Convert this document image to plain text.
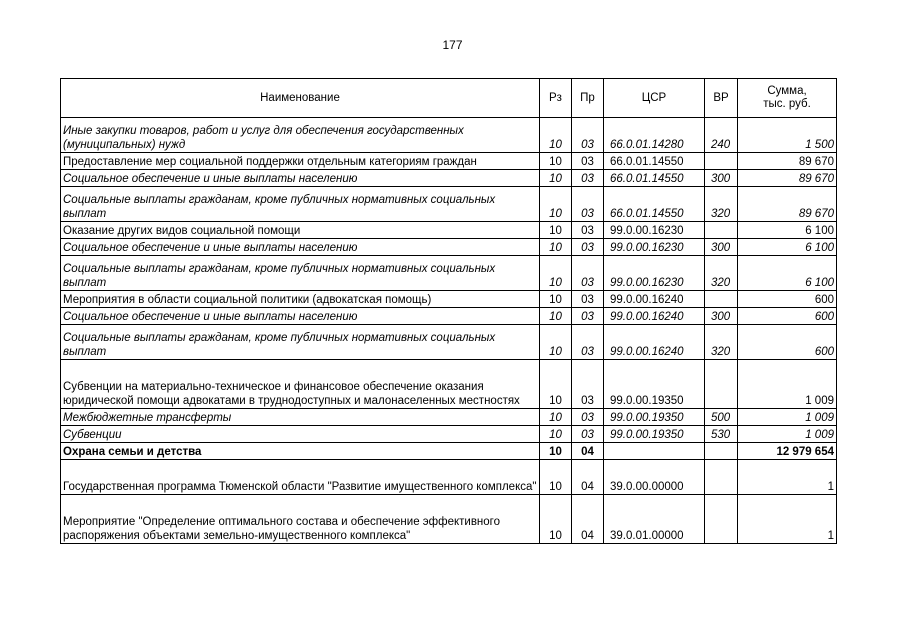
177
Наименование	Рз	Пр	ЦСР	ВР	Сумма,
тыс. руб.
Иные закупки товаров, работ и услуг для обеспечения государственных (муниципальных) нужд	10	03	66.0.01.14280	240	1 500
Предоставление мер социальной поддержки отдельным категориям граждан	10	03	66.0.01.14550		89 670
Социальное обеспечение и иные выплаты населению	10	03	66.0.01.14550	300	89 670
Социальные выплаты гражданам, кроме публичных нормативных социальных выплат	10	03	66.0.01.14550	320	89 670
Оказание других видов социальной помощи	10	03	99.0.00.16230		6 100
Социальное обеспечение и иные выплаты населению	10	03	99.0.00.16230	300	6 100
Социальные выплаты гражданам, кроме публичных нормативных социальных выплат	10	03	99.0.00.16230	320	6 100
Мероприятия в области социальной политики (адвокатская помощь)	10	03	99.0.00.16240		600
Социальное обеспечение и иные выплаты населению	10	03	99.0.00.16240	300	600
Социальные выплаты гражданам, кроме публичных нормативных социальных выплат	10	03	99.0.00.16240	320	600
Субвенции на материально-техническое и финансовое обеспечение оказания юридической помощи адвокатами в труднодоступных и малонаселенных местностях	10	03	99.0.00.19350		1 009
Межбюджетные трансферты	10	03	99.0.00.19350	500	1 009
Субвенции	10	03	99.0.00.19350	530	1 009
Охрана семьи и детства	10	04			12 979 654
Государственная программа Тюменской области "Развитие имущественного комплекса"	10	04	39.0.00.00000		1
Мероприятие "Определение оптимального состава и обеспечение эффективного распоряжения объектами земельно-имущественного комплекса"	10	04	39.0.01.00000		1
